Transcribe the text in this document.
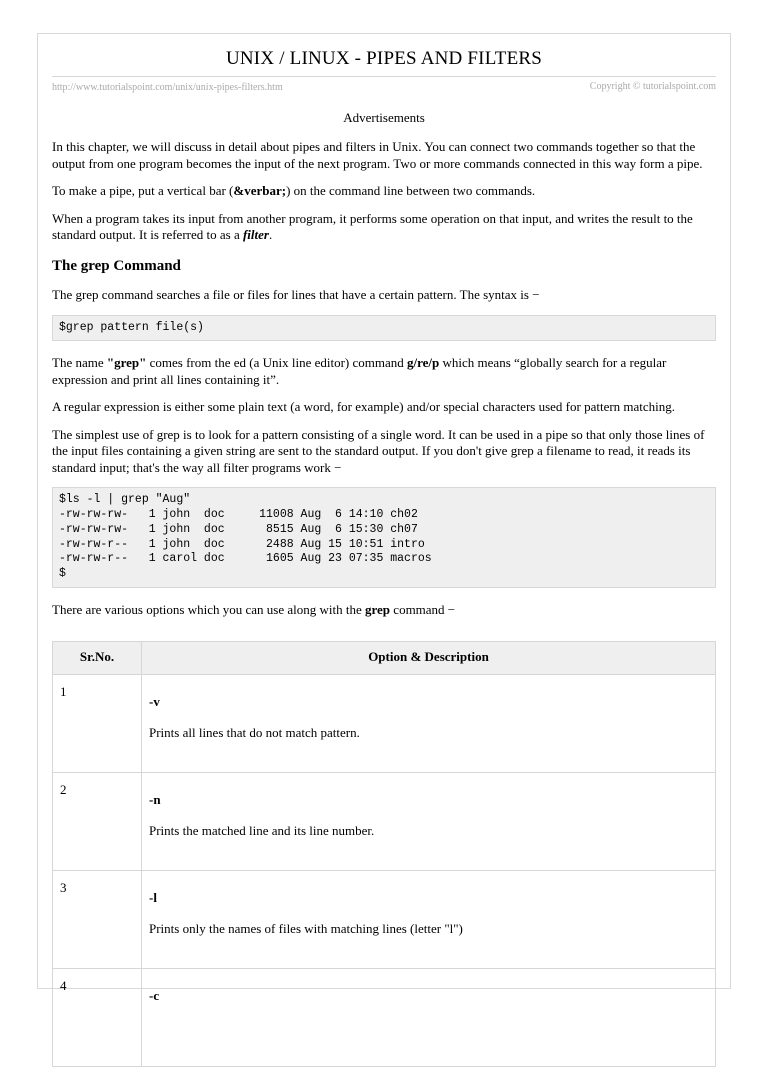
UNIX / LINUX - PIPES AND FILTERS
http://www.tutorialspoint.com/unix/unix-pipes-filters.htm	Copyright © tutorialspoint.com
Advertisements

In this chapter, we will discuss in detail about pipes and filters in Unix. You can connect two commands together so that the output from one program becomes the input of the next program. Two or more commands connected in this way form a pipe.

To make a pipe, put a vertical bar (&verbar;) on the command line between two commands.

When a program takes its input from another program, it performs some operation on that input, and writes the result to the standard output. It is referred to as a filter.

The grep Command

The grep command searches a file or files for lines that have a certain pattern. The syntax is −

$grep pattern file(s)

The name "grep" comes from the ed (a Unix line editor) command g/re/p which means “globally search for a regular expression and print all lines containing it”.

A regular expression is either some plain text (a word, for example) and/or special characters used for pattern matching.

The simplest use of grep is to look for a pattern consisting of a single word. It can be used in a pipe so that only those lines of the input files containing a given string are sent to the standard output. If you don't give grep a filename to read, it reads its standard input; that's the way all filter programs work −

$ls -l | grep "Aug"
-rw-rw-rw-   1 john  doc     11008 Aug  6 14:10 ch02
-rw-rw-rw-   1 john  doc      8515 Aug  6 15:30 ch07
-rw-rw-r--   1 john  doc      2488 Aug 15 10:51 intro
-rw-rw-r--   1 carol doc      1605 Aug 23 07:35 macros
$

There are various options which you can use along with the grep command −

Sr.No.	Option & Description
1	-v
Prints all lines that do not match pattern.

2	-n
Prints the matched line and its line number.

3	-l
Prints only the names of files with matching lines (letter "l")

4	-c
